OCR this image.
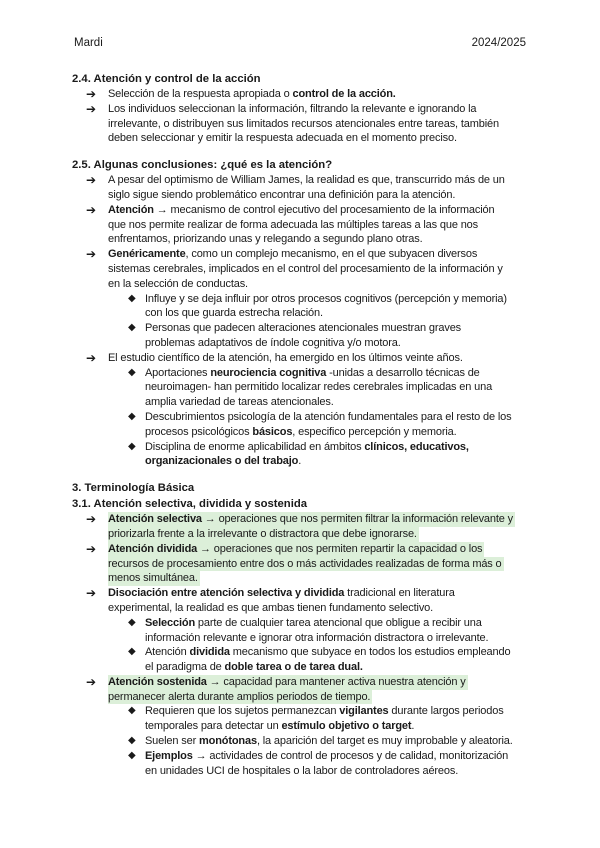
Mardi	2024/2025
2.4. Atención y control de la acción
➔	Selección de la respuesta apropiada o control de la acción.
➔	Los individuos seleccionan la información, filtrando la relevante e ignorando la
irrelevante, o distribuyen sus limitados recursos atencionales entre tareas, también
deben seleccionar y emitir la respuesta adecuada en el momento preciso.
2.5. Algunas conclusiones: ¿qué es la atención?
➔	A pesar del optimismo de William James, la realidad es que, transcurrido más de un
siglo sigue siendo problemático encontrar una definición para la atención.
➔	Atención → mecanismo de control ejecutivo del procesamiento de la información
que nos permite realizar de forma adecuada las múltiples tareas a las que nos
enfrentamos, priorizando unas y relegando a segundo plano otras.
➔	Genéricamente, como un complejo mecanismo, en el que subyacen diversos
sistemas cerebrales, implicados en el control del procesamiento de la información y
en la selección de conductas.
◆ Influye y se deja influir por otros procesos cognitivos (percepción y memoria)
con los que guarda estrecha relación.
◆ Personas que padecen alteraciones atencionales muestran graves
problemas adaptativos de índole cognitiva y/o motora.
➔	El estudio científico de la atención, ha emergido en los últimos veinte años.
◆ Aportaciones neurociencia cognitiva -unidas a desarrollo técnicas de
neuroimagen- han permitido localizar redes cerebrales implicadas en una
amplia variedad de tareas atencionales.
◆ Descubrimientos psicología de la atención fundamentales para el resto de los
procesos psicológicos básicos, especifico percepción y memoria.
◆ Disciplina de enorme aplicabilidad en ámbitos clínicos, educativos,
organizacionales o del trabajo.
3. Terminología Básica
3.1. Atención selectiva, dividida y sostenida
➔	Atención selectiva → operaciones que nos permiten filtrar la información relevante y
priorizarla frente a la irrelevante o distractora que debe ignorarse.
➔	Atención dividida → operaciones que nos permiten repartir la capacidad o los
recursos de procesamiento entre dos o más actividades realizadas de forma más o
menos simultánea.
➔	Disociación entre atención selectiva y dividida tradicional en literatura
experimental, la realidad es que ambas tienen fundamento selectivo.
◆ Selección parte de cualquier tarea atencional que obligue a recibir una
información relevante e ignorar otra información distractora o irrelevante.
◆ Atención dividida mecanismo que subyace en todos los estudios empleando
el paradigma de doble tarea o de tarea dual.
➔	Atención sostenida → capacidad para mantener activa nuestra atención y
permanecer alerta durante amplios periodos de tiempo.
◆ Requieren que los sujetos permanezcan vigilantes durante largos periodos
temporales para detectar un estímulo objetivo o target.
◆ Suelen ser monótonas, la aparición del target es muy improbable y aleatoria.
◆ Ejemplos → actividades de control de procesos y de calidad, monitorización
en unidades UCI de hospitales o la labor de controladores aéreos.
